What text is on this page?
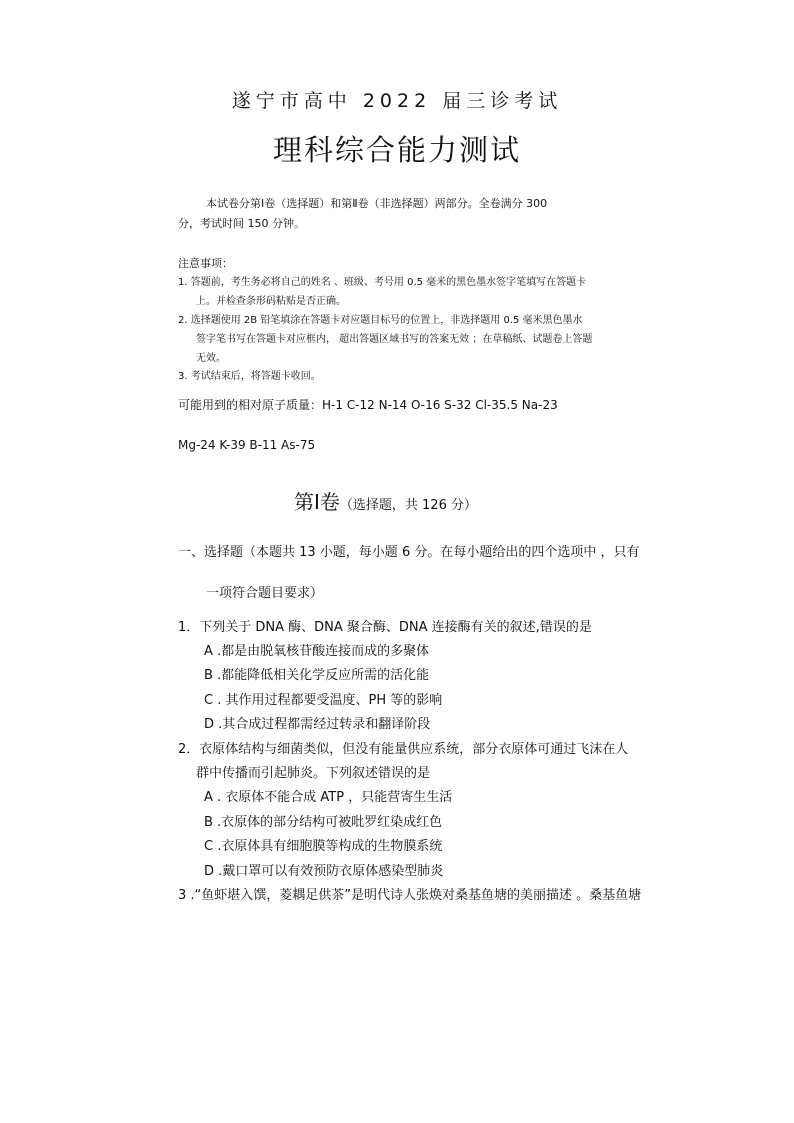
遂宁市高中 2022 届三诊考试
理科综合能力测试
本试卷分第Ⅰ卷（选择题）和第Ⅱ卷（非选择题）两部分。全卷满分 300
分，考试时间 150 分钟。
注意事项：
1. 答题前，考生务必将自己的姓名 、班级、考号用 0.5 毫米的黑色墨水签字笔填写在答题卡
上。并检查条形码粘贴是否正确。
2. 选择题使用 2B 铅笔填涂在答题卡对应题目标号的位置上，非选择题用 0.5 毫米黑色墨水
签字笔书写在答题卡对应框内， 超出答题区域书写的答案无效 ；在草稿纸、试题卷上答题
无效。
3. 考试结束后，将答题卡收回。
可能用到的相对原子质量：H-1 C-12 N-14 O-16 S-32 Cl-35.5 Na-23
Mg-24 K-39 B-11 As-75
第Ⅰ卷（选择题，共 126 分）
一、选择题（本题共 13 小题，每小题 6 分。在每小题给出的四个选项中 ，只有
一项符合题目要求）
1．下列关于 DNA 酶、DNA 聚合酶、DNA 连接酶有关的叙述,错误的是
A .都是由脱氧核苷酸连接而成的多聚体
B .都能降低相关化学反应所需的活化能
C . 其作用过程都要受温度、PH 等的影响
D .其合成过程都需经过转录和翻译阶段
2．衣原体结构与细菌类似，但没有能量供应系统，部分衣原体可通过飞沫在人
群中传播而引起肺炎。下列叙述错误的是
A . 衣原体不能合成 ATP ，只能营寄生生活
B .衣原体的部分结构可被吡罗红染成红色
C .衣原体具有细胞膜等构成的生物膜系统
D .戴口罩可以有效预防衣原体感染型肺炎
3 .“鱼虾堪入馔，菱耦足供茶”是明代诗人张焕对桑基鱼塘的美丽描述 。桑基鱼塘
